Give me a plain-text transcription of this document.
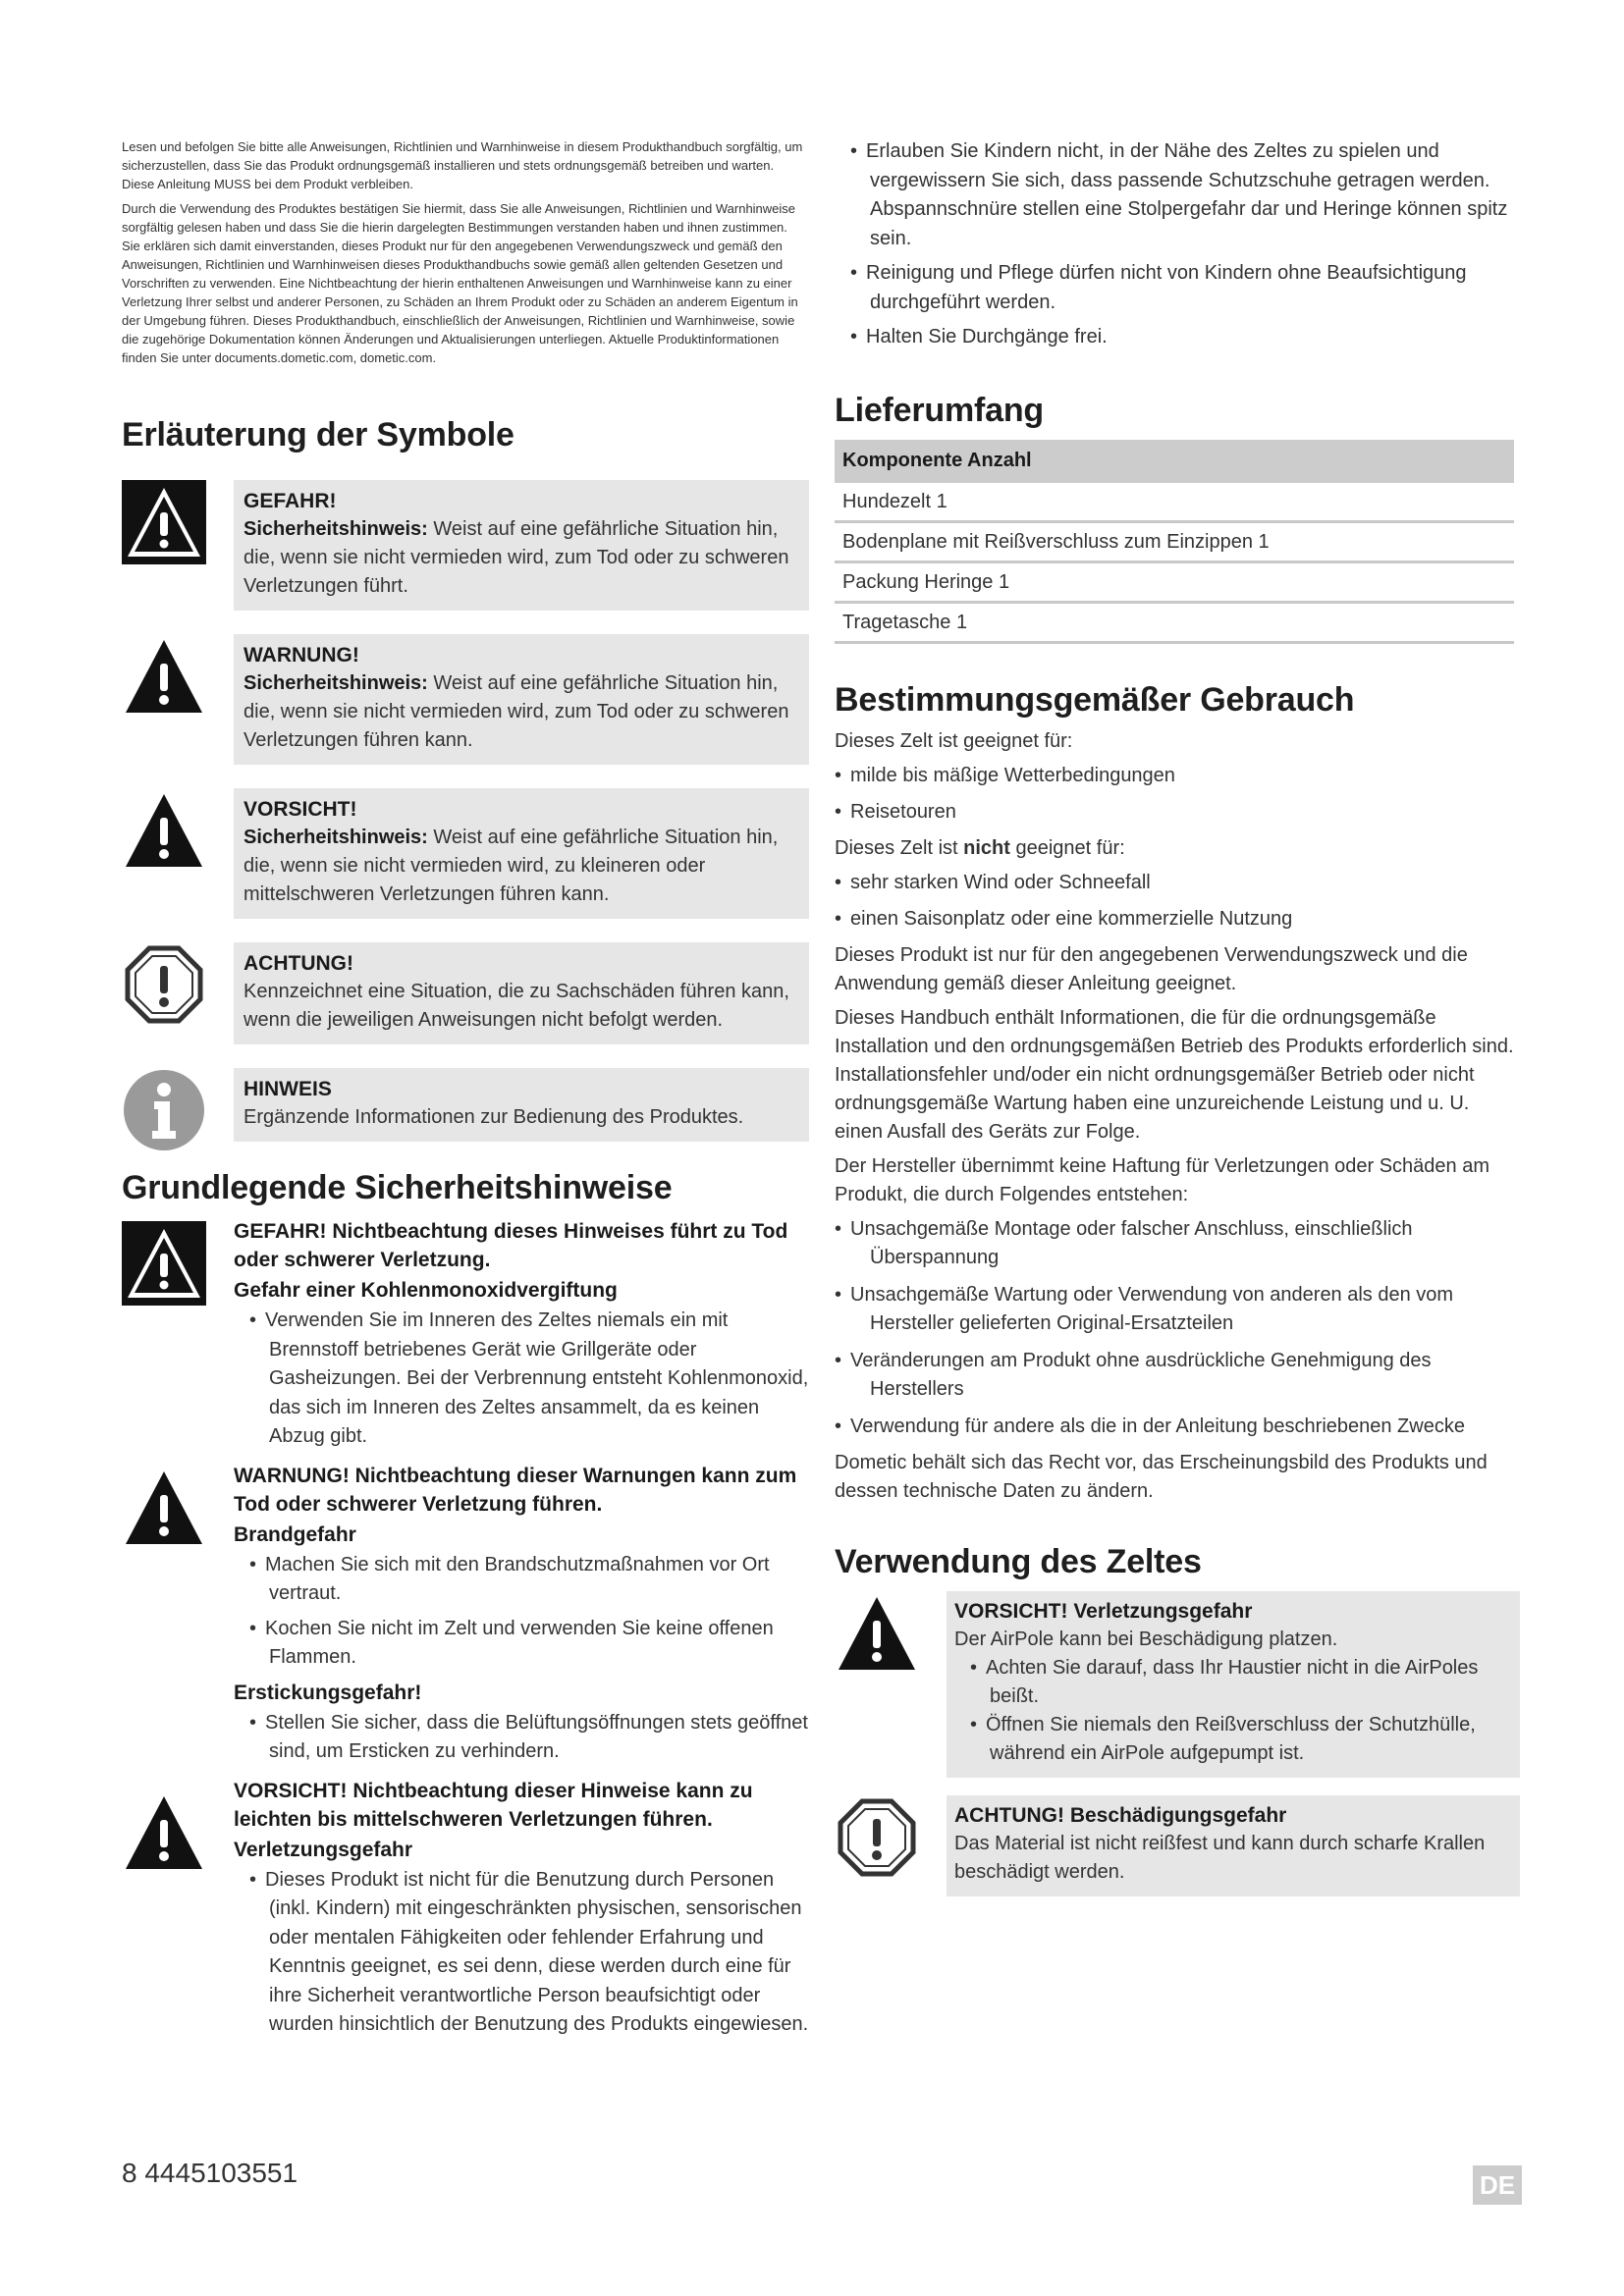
Lesen und befolgen Sie bitte alle Anweisungen, Richtlinien und Warnhinweise in diesem Produkthandbuch sorgfältig, um sicherzustellen, dass Sie das Produkt ordnungsgemäß installieren und stets ordnungsgemäß betreiben und warten. Diese Anleitung MUSS bei dem Produkt verbleiben.

Durch die Verwendung des Produktes bestätigen Sie hiermit, dass Sie alle Anweisungen, Richtlinien und Warnhinweise sorgfältig gelesen haben und dass Sie die hierin dargelegten Bestimmungen verstanden haben und ihnen zustimmen. Sie erklären sich damit einverstanden, dieses Produkt nur für den angegebenen Verwendungszweck und gemäß den Anweisungen, Richtlinien und Warnhinweisen dieses Produkthandbuchs sowie gemäß allen geltenden Gesetzen und Vorschriften zu verwenden. Eine Nichtbeachtung der hierin enthaltenen Anweisungen und Warnhinweise kann zu einer Verletzung Ihrer selbst und anderer Personen, zu Schäden an Ihrem Produkt oder zu Schäden an anderem Eigentum in der Umgebung führen. Dieses Produkthandbuch, einschließlich der Anweisungen, Richtlinien und Warnhinweise, sowie die zugehörige Dokumentation können Änderungen und Aktualisierungen unterliegen. Aktuelle Produktinformationen finden Sie unter documents.dometic.com, dometic.com.

Erläuterung der Symbole
GEFAHR!
Sicherheitshinweis: Weist auf eine gefährliche Situation hin, die, wenn sie nicht vermieden wird, zum Tod oder zu schweren Verletzungen führt.
WARNUNG!
Sicherheitshinweis: Weist auf eine gefährliche Situation hin, die, wenn sie nicht vermieden wird, zum Tod oder zu schweren Verletzungen führen kann.
VORSICHT!
Sicherheitshinweis: Weist auf eine gefährliche Situation hin, die, wenn sie nicht vermieden wird, zu kleineren oder mittelschweren Verletzungen führen kann.
ACHTUNG!
Kennzeichnet eine Situation, die zu Sachschäden führen kann, wenn die jeweiligen Anweisungen nicht befolgt werden.
HINWEIS
Ergänzende Informationen zur Bedienung des Produktes.
Grundlegende Sicherheitshinweise
GEFAHR! Nichtbeachtung dieses Hinweises führt zu Tod oder schwerer Verletzung.
Gefahr einer Kohlenmonoxidvergiftung
• Verwenden Sie im Inneren des Zeltes niemals ein mit Brennstoff betriebenes Gerät wie Grillgeräte oder Gasheizungen. Bei der Verbrennung entsteht Kohlenmonoxid, das sich im Inneren des Zeltes ansammelt, da es keinen Abzug gibt.
WARNUNG! Nichtbeachtung dieser Warnungen kann zum Tod oder schwerer Verletzung führen.
Brandgefahr
• Machen Sie sich mit den Brandschutzmaßnahmen vor Ort vertraut.
• Kochen Sie nicht im Zelt und verwenden Sie keine offenen Flammen.
Erstickungsgefahr!
• Stellen Sie sicher, dass die Belüftungsöffnungen stets geöffnet sind, um Ersticken zu verhindern.
VORSICHT! Nichtbeachtung dieser Hinweise kann zu leichten bis mittelschweren Verletzungen führen.
Verletzungsgefahr
• Dieses Produkt ist nicht für die Benutzung durch Personen (inkl. Kindern) mit eingeschränkten physischen, sensorischen oder mentalen Fähigkeiten oder fehlender Erfahrung und Kenntnis geeignet, es sei denn, diese werden durch eine für ihre Sicherheit verantwortliche Person beaufsichtigt oder wurden hinsichtlich der Benutzung des Produkts eingewiesen.
• Erlauben Sie Kindern nicht, in der Nähe des Zeltes zu spielen und vergewissern Sie sich, dass passende Schutzschuhe getragen werden. Abspannschnüre stellen eine Stolpergefahr dar und Heringe können spitz sein.
• Reinigung und Pflege dürfen nicht von Kindern ohne Beaufsichtigung durchgeführt werden.
• Halten Sie Durchgänge frei.
Lieferumfang
Komponente Anzahl
Hundezelt 1
Bodenplane mit Reißverschluss zum Einzippen 1
Packung Heringe 1
Tragetasche 1
Bestimmungsgemäßer Gebrauch
Dieses Zelt ist geeignet für:
• milde bis mäßige Wetterbedingungen
• Reisetouren
Dieses Zelt ist nicht geeignet für:
• sehr starken Wind oder Schneefall
• einen Saisonplatz oder eine kommerzielle Nutzung

Dieses Produkt ist nur für den angegebenen Verwendungszweck und die Anwendung gemäß dieser Anleitung geeignet.

Dieses Handbuch enthält Informationen, die für die ordnungsgemäße Installation und den ordnungsgemäßen Betrieb des Produkts erforderlich sind. Installationsfehler und/oder ein nicht ordnungsgemäßer Betrieb oder nicht ordnungsgemäße Wartung haben eine unzureichende Leistung und u. U. einen Ausfall des Geräts zur Folge.

Der Hersteller übernimmt keine Haftung für Verletzungen oder Schäden am Produkt, die durch Folgendes entstehen:

• Unsachgemäße Montage oder falscher Anschluss, einschließlich Überspannung
• Unsachgemäße Wartung oder Verwendung von anderen als den vom Hersteller gelieferten Original-Ersatzteilen
• Veränderungen am Produkt ohne ausdrückliche Genehmigung des Herstellers
• Verwendung für andere als die in der Anleitung beschriebenen Zwecke

Dometic behält sich das Recht vor, das Erscheinungsbild des Produkts und dessen technische Daten zu ändern.

Verwendung des Zeltes
VORSICHT! Verletzungsgefahr
Der AirPole kann bei Beschädigung platzen.
• Achten Sie darauf, dass Ihr Haustier nicht in die AirPoles beißt.
• Öffnen Sie niemals den Reißverschluss der Schutzhülle, während ein AirPole aufgepumpt ist.
ACHTUNG! Beschädigungsgefahr
Das Material ist nicht reißfest und kann durch scharfe Krallen beschädigt werden.
8 4445103551	DE
